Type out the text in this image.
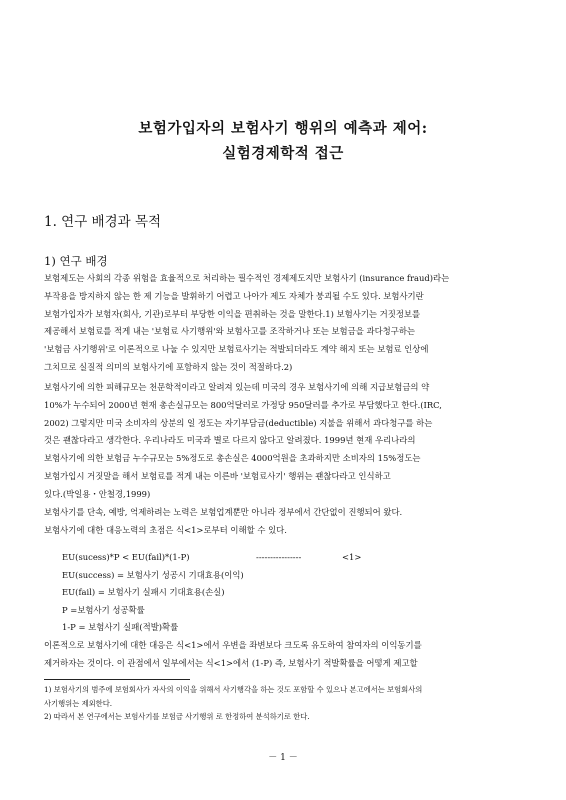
보험가입자의 보험사기 행위의 예측과 제어:
실험경제학적 접근
1. 연구 배경과 목적
1) 연구 배경

보험제도는 사회의 각종 위험을 효율적으로 처리하는 필수적인 경제제도지만 보험사기 (insurance fraud)라는

부작용을 방지하지 않는 한 제 기능을 발휘하기 어렵고 나아가 제도 자체가 붕괴될 수도 있다. 보험사기란

보험가입자가 보험자(회사, 기관)로부터 부당한 이익을 편취하는 것을 말한다.1) 보험사기는 거짓정보를

제공해서 보험료를 적게 내는 '보험료 사기행위'와 보험사고를 조작하거나 또는 보험금을 과다청구하는

'보험금 사기행위'로 이론적으로 나눌 수 있지만 보험료사기는 적발되더라도 계약 해지 또는 보험료 인상에

그치므로 실질적 의미의 보험사기에 포함하지 않는 것이 적절하다.2)

보험사기에 의한 피해규모는 천문학적이라고 알려져 있는데 미국의 경우 보험사기에 의해 지급보험금의 약

10%가 누수되어 2000년 현재 총손실규모는 800억달러로 가정당 950달러를 추가로 부담했다고 한다.(IRC,

2002) 그렇지만 미국 소비자의 상분의 일 정도는 자기부담금(deductible) 지불을 위해서 과다청구를 하는

것은 괜찮다라고 생각한다. 우리나라도 미국과 별로 다르지 않다고 알려졌다. 1999년 현재 우리나라의

보험사기에 의한 보험금 누수규모는 5%정도로 총손실은 4000억원을 초과하지만 소비자의 15%정도는

보험가입시 거짓말을 해서 보험료를 적게 내는 이른바 '보험료사기' 행위는 괜찮다라고 인식하고

있다.(박일용・안철경,1999)

보험사기를 단속, 예방, 억제하려는 노력은 보험업계뿐만 아니라 정부에서 간단없이 진행되어 왔다.

보험사기에 대한 대응노력의 초점은 식<1>로부터 이해할 수 있다.

EU(sucess)*P < EU(fail)*(1-P)	----------------	<1>

EU(success) = 보험사기 성공시 기대효용(이익)

EU(fail) = 보험사기 실패시 기대효용(손실)

P =보험사기 성공확률

1-P = 보험사기 실패(적발)확률

이론적으로 보험사기에 대한 대응은 식<1>에서 우변을 좌변보다 크도록 유도하여 참여자의 이익동기를

제거하자는 것이다. 이 관점에서 일부에서는 식<1>에서 (1-P) 즉, 보험사기 적발확률을 어떻게 제고할

1) 보험사기의 범주에 보험회사가 자사의 이익을 위해서 사기행각을 하는 것도 포함할 수 있으나 본고에서는 보험회사의

사기행위는 제외한다.

2) 따라서 본 연구에서는 보험사기를 보험금 사기행위 로 한정하여 분석하기로 한다.

－ 1 －
